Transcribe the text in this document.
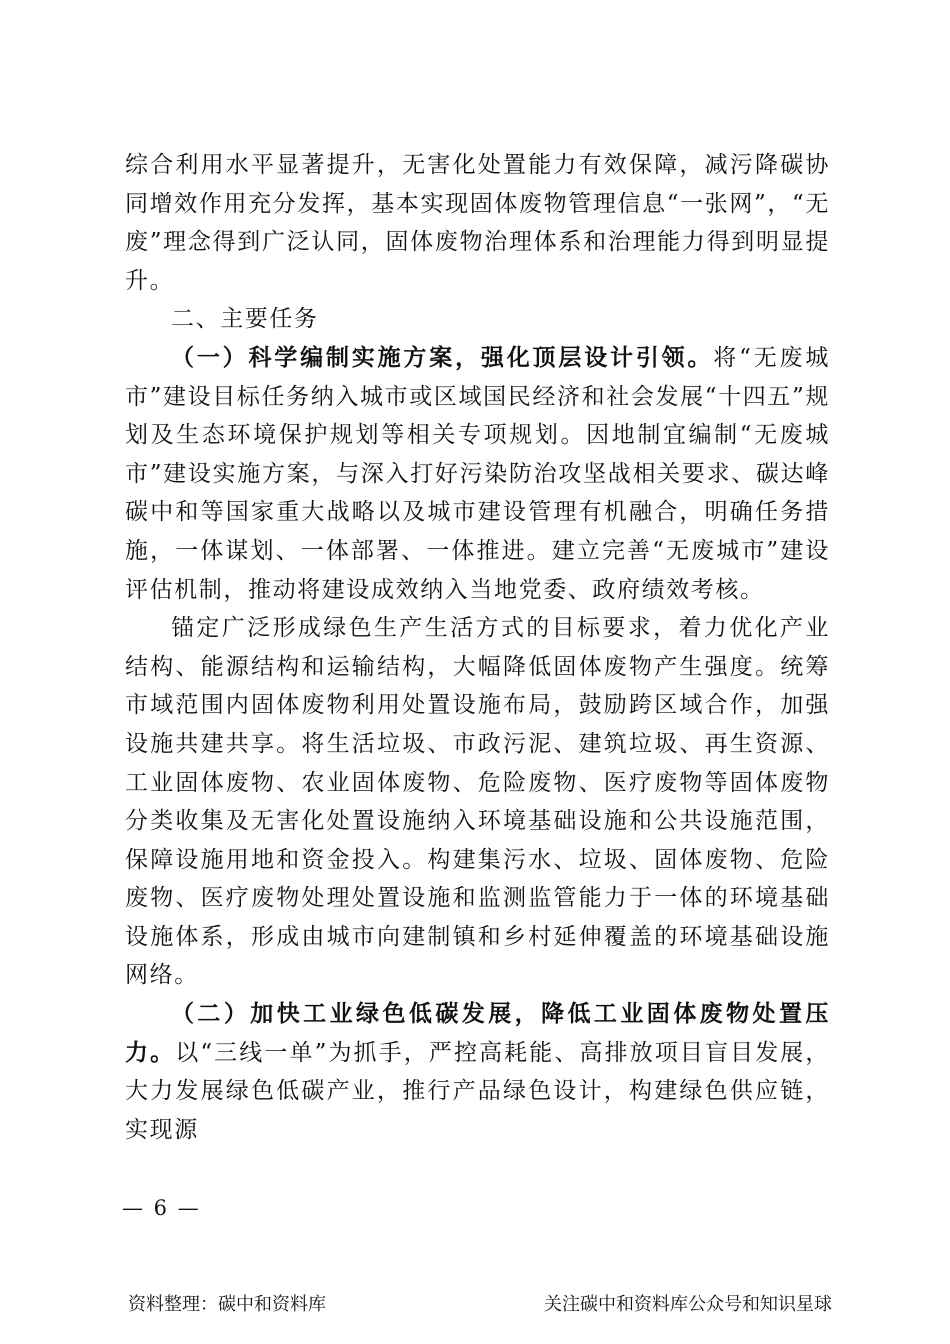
综合利用水平显著提升，无害化处置能力有效保障，减污降碳协同增效作用充分发挥，基本实现固体废物管理信息“一张网”，“无废”理念得到广泛认同，固体废物治理体系和治理能力得到明显提升。

二、主要任务

（一）科学编制实施方案，强化顶层设计引领。将“无废城市”建设目标任务纳入城市或区域国民经济和社会发展“十四五”规划及生态环境保护规划等相关专项规划。因地制宜编制“无废城市”建设实施方案，与深入打好污染防治攻坚战相关要求、碳达峰碳中和等国家重大战略以及城市建设管理有机融合，明确任务措施，一体谋划、一体部署、一体推进。建立完善“无废城市”建设评估机制，推动将建设成效纳入当地党委、政府绩效考核。

锚定广泛形成绿色生产生活方式的目标要求，着力优化产业结构、能源结构和运输结构，大幅降低固体废物产生强度。统筹市域范围内固体废物利用处置设施布局，鼓励跨区域合作，加强设施共建共享。将生活垃圾、市政污泥、建筑垃圾、再生资源、工业固体废物、农业固体废物、危险废物、医疗废物等固体废物分类收集及无害化处置设施纳入环境基础设施和公共设施范围，保障设施用地和资金投入。构建集污水、垃圾、固体废物、危险废物、医疗废物处理处置设施和监测监管能力于一体的环境基础设施体系，形成由城市向建制镇和乡村延伸覆盖的环境基础设施网络。

（二）加快工业绿色低碳发展，降低工业固体废物处置压力。以“三线一单”为抓手，严控高耗能、高排放项目盲目发展，大力发展绿色低碳产业，推行产品绿色设计，构建绿色供应链，实现源

— 6 —
资料整理：碳中和资料库	关注碳中和资料库公众号和知识星球
